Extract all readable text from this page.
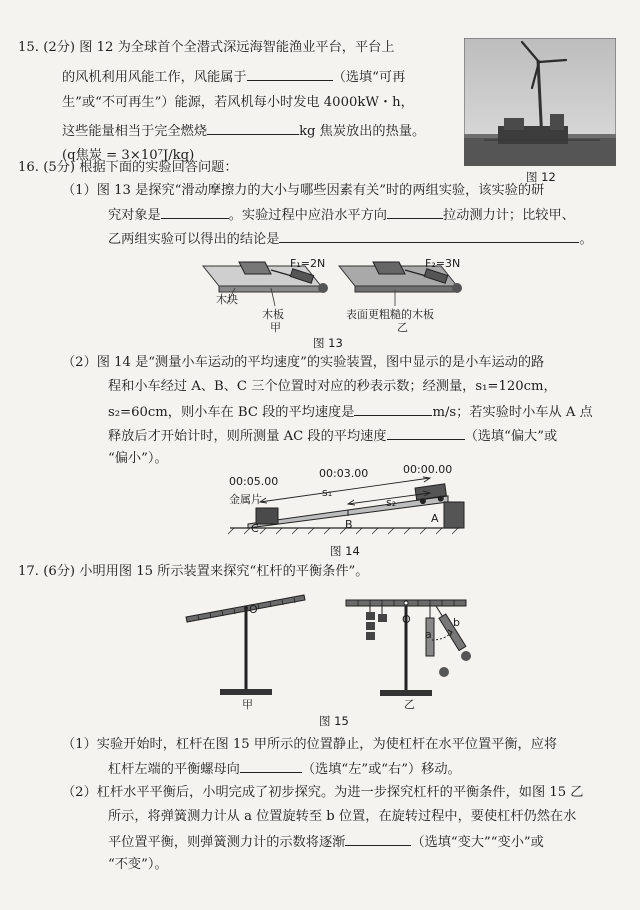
15. (2分) 图 12 为全球首个全潜式深远海智能渔业平台，平台上
的风机利用风能工作，风能属于	（选填“可再
生”或“不可再生”）能源，若风机每小时发电 4000kW・h，
这些能量相当于完全燃烧	kg 焦炭放出的热量。
(q焦炭 = 3×10⁷J/kg)
图 12
16. (5分) 根据下面的实验回答问题：
（1）图 13 是探究“滑动摩擦力的大小与哪些因素有关”时的两组实验，该实验的研
究对象是	。实验过程中应沿水平方向	拉动测力计；比较甲、
乙两组实验可以得出的结论是	。
F₁=2N	F₂=3N
木块
木板	表面更粗糙的木板
甲	乙
图 13
（2）图 14 是“测量小车运动的平均速度”的实验装置，图中显示的是小车运动的路
程和小车经过 A、B、C 三个位置时对应的秒表示数；经测量，s₁=120cm，
s₂=60cm，则小车在 BC 段的平均速度是	m/s；若实验时小车从 A 点
释放后才开始计时，则所测量 AC 段的平均速度	（选填“偏大”或
“偏小”）。
00:05.00
00:03.00	00:00.00
金属片
s₁
s₂
A
B
C
图 14
17. (6分) 小明用图 15 所示装置来探究“杠杆的平衡条件”。
O
O
a
b
甲	乙
图 15
（1）实验开始时，杠杆在图 15 甲所示的位置静止，为使杠杆在水平位置平衡，应将
杠杆左端的平衡螺母向	（选填“左”或“右”）移动。
（2）杠杆水平平衡后，小明完成了初步探究。为进一步探究杠杆的平衡条件，如图 15 乙
所示，将弹簧测力计从 a 位置旋转至 b 位置，在旋转过程中，要使杠杆仍然在水
平位置平衡，则弹簧测力计的示数将逐渐	（选填“变大”“变小”或
“不变”）。
